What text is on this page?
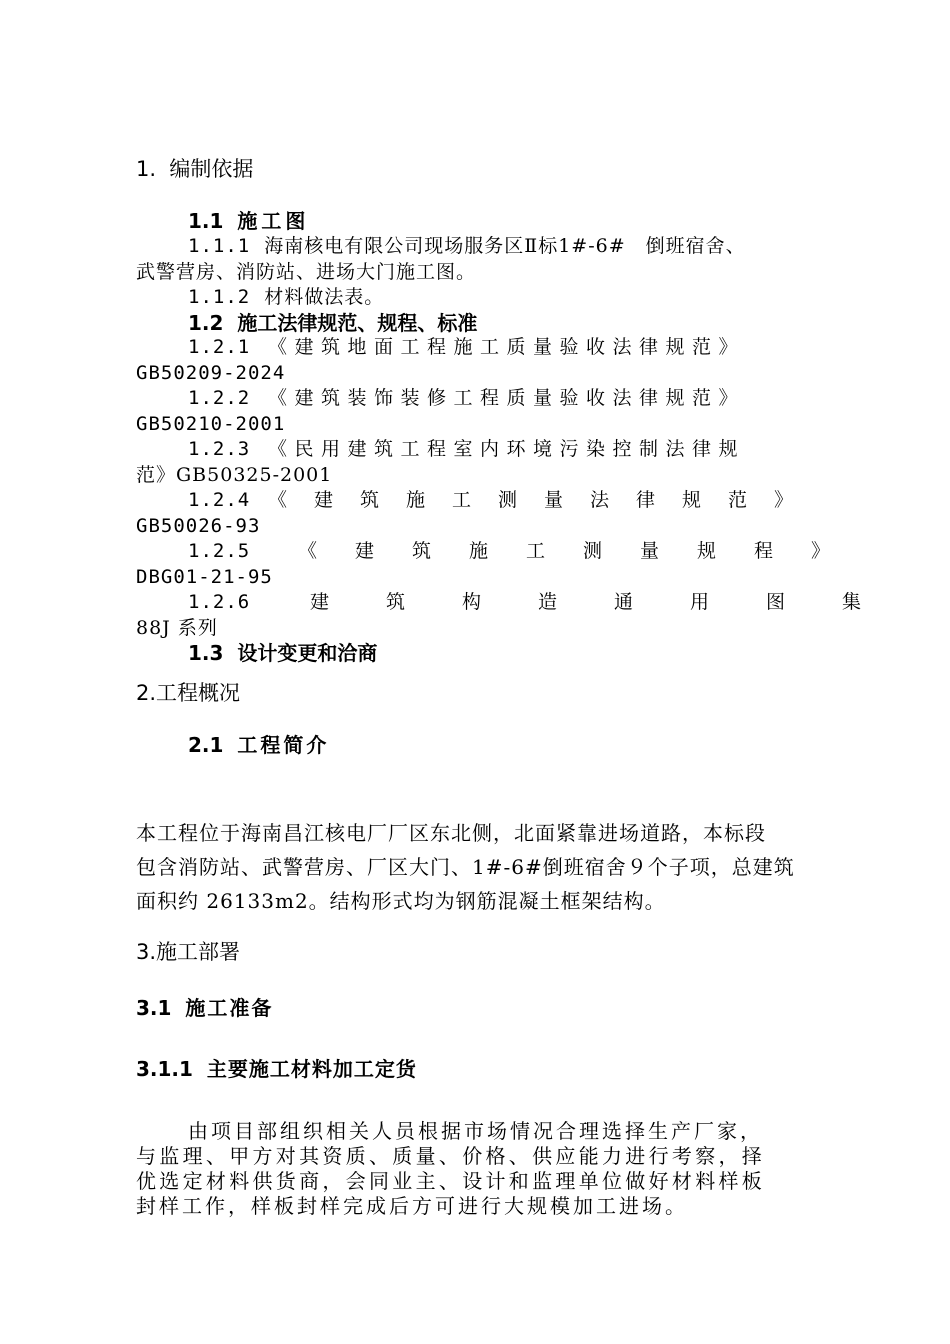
1. 编制依据
1.1 施工图
1.1.1 海南核电有限公司现场服务区Ⅱ标1#-6#　倒班宿舍、
武警营房、消防站、进场大门施工图。
1.1.2 材料做法表。
1.2 施工法律规范、规程、标准
1.2.1 《建筑地面工程施工质量验收法律规范》
GB50209-2024
1.2.2 《建筑装饰装修工程质量验收法律规范》
GB50210-2001
1.2.3 《民用建筑工程室内环境污染控制法律规
范》GB50325-2001
1.2.4 《建筑施工测量法律规范》
GB50026-93
1.2.5	《建筑施工测量规程》
DBG01-21-95
1.2.6	建筑构造通用图集
88J 系列
1.3 设计变更和洽商
2.工程概况
2.1 工程简介
本工程位于海南昌江核电厂厂区东北侧，北面紧靠进场道路，本标段
包含消防站、武警营房、厂区大门、1#-6#倒班宿舍９个子项，总建筑
面积约 26133m2。结构形式均为钢筋混凝土框架结构。
3.施工部署
3.1 施工准备
3.1.1 主要施工材料加工定货
由项目部组织相关人员根据市场情况合理选择生产厂家，
与监理、甲方对其资质、质量、价格、供应能力进行考察，择
优选定材料供货商，会同业主、设计和监理单位做好材料样板
封样工作，样板封样完成后方可进行大规模加工进场。
